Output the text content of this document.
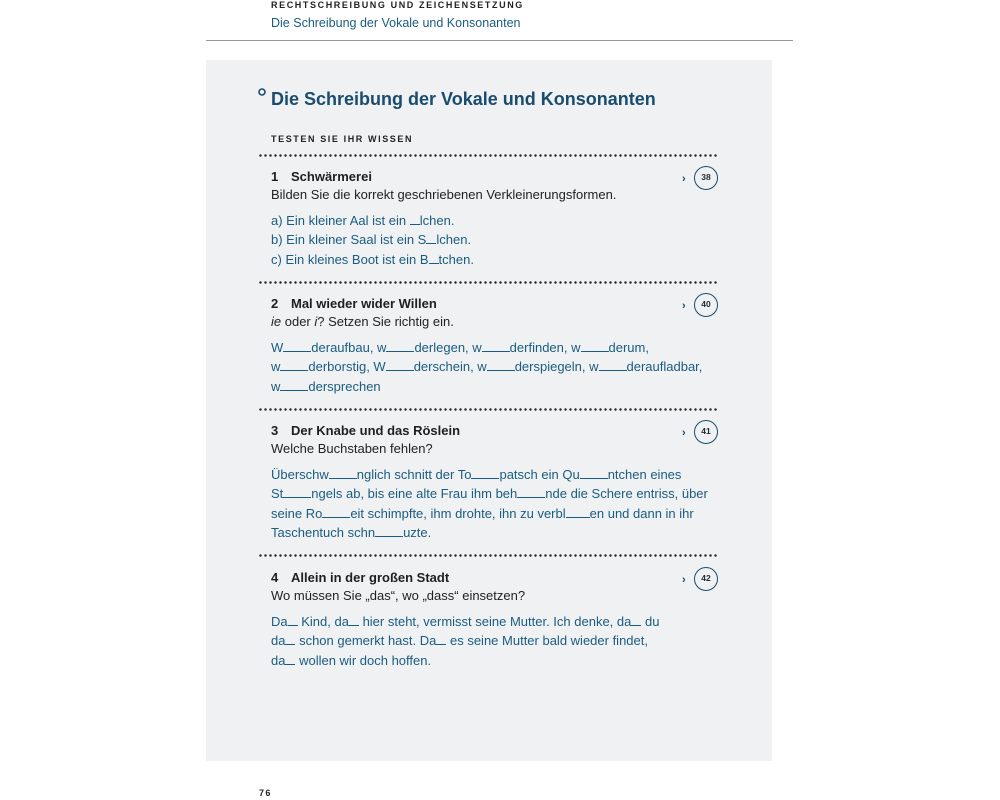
RECHTSCHREIBUNG UND ZEICHENSETZUNG
Die Schreibung der Vokale und Konsonanten
Die Schreibung der Vokale und Konsonanten
TESTEN SIE IHR WISSEN
1 Schwärmerei
Bilden Sie die korrekt geschriebenen Verkleinerungsformen.
a) Ein kleiner Aal ist ein lchen.
b) Ein kleiner Saal ist ein S lchen.
c) Ein kleines Boot ist ein B tchen.
›	38
2 Mal wieder wider Willen
ie oder i? Setzen Sie richtig ein.
W deraufbau, w derlegen, w derfinden, w derum,
w derborstig, W derschein, w derspiegeln, w deraufladbar,
w dersprechen
›	40
3 Der Knabe und das Röslein
Welche Buchstaben fehlen?
Überschw nglich schnitt der To patsch ein Qu ntchen eines
St ngels ab, bis eine alte Frau ihm beh nde die Schere entriss, über
seine Ro eit schimpfte, ihm drohte, ihn zu verbl en und dann in ihr
Taschentuch schn uzte.
›	41
4 Allein in der großen Stadt
Wo müssen Sie „das“, wo „dass“ einsetzen?
Da Kind, da hier steht, vermisst seine Mutter. Ich denke, da du
da schon gemerkt hast. Da es seine Mutter bald wieder findet,
da wollen wir doch hoffen.
›	42
76
